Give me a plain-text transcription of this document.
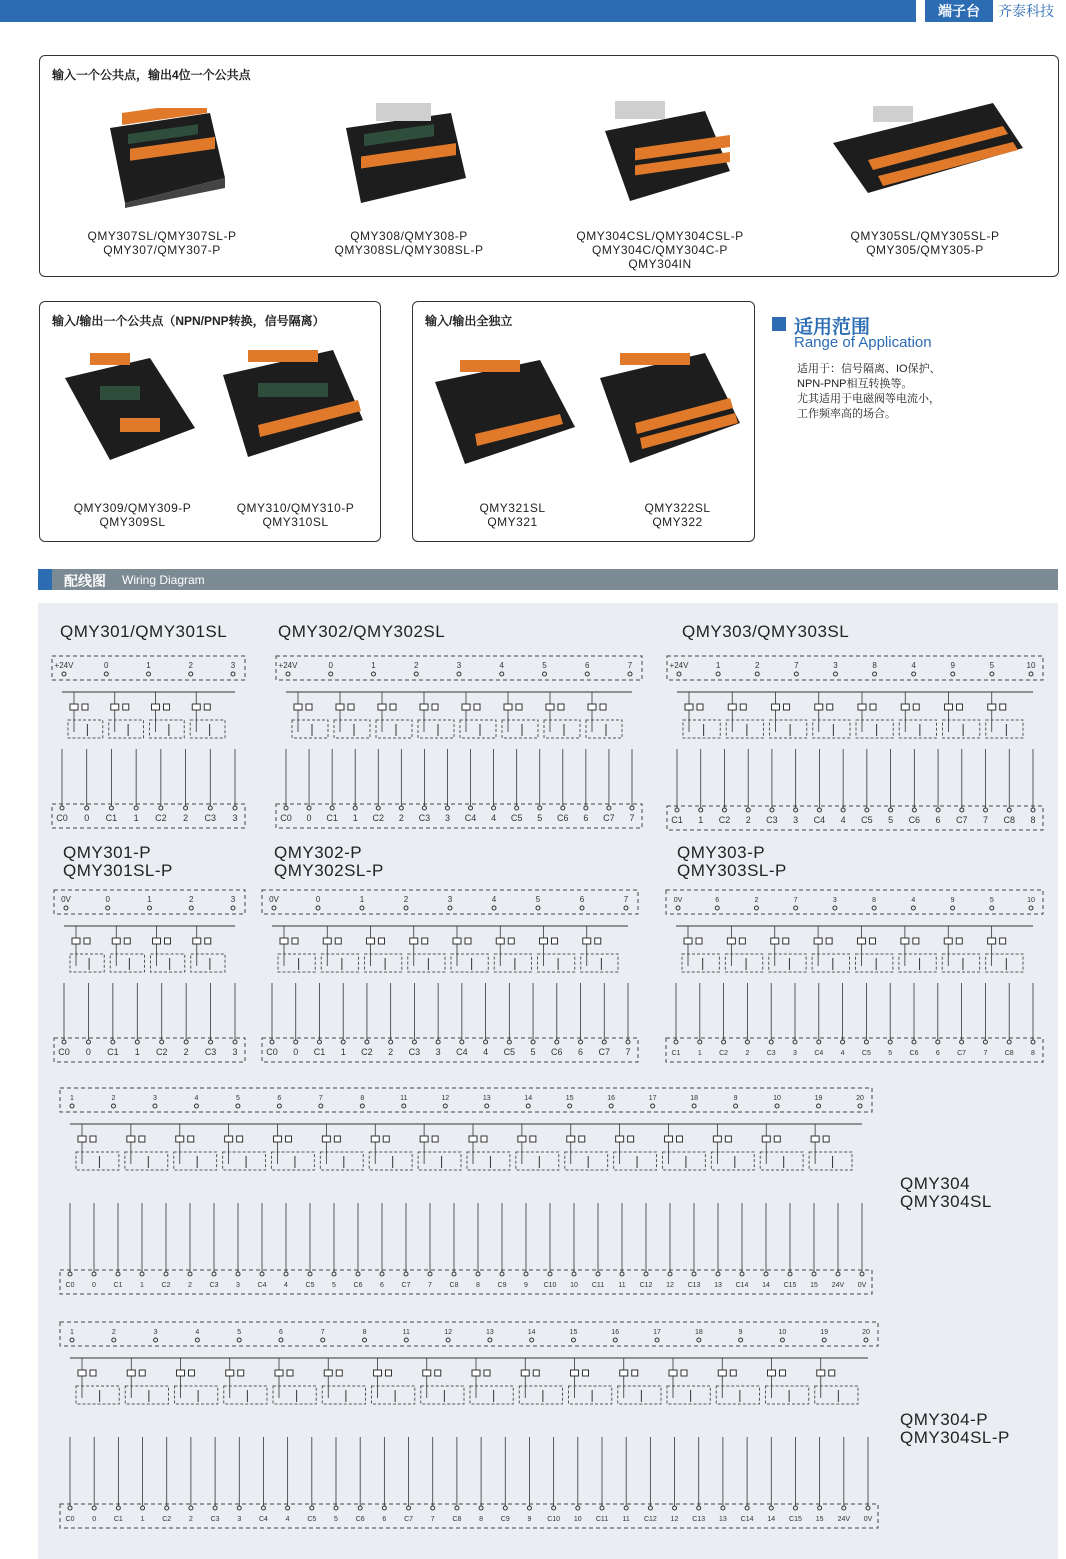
端子台	齐泰科技
输入一个公共点，输出4位一个公共点
QMY307SL/QMY307SL-P
QMY307/QMY307-P
QMY308/QMY308-P
QMY308SL/QMY308SL-P
QMY304CSL/QMY304CSL-P
QMY304C/QMY304C-P
QMY304IN
QMY305SL/QMY305SL-P
QMY305/QMY305-P
输入/输出一个公共点（NPN/PNP转换，信号隔离）
QMY309/QMY309-P
QMY309SL
QMY310/QMY310-P
QMY310SL
输入/输出全独立
QMY321SL
QMY321
QMY322SL
QMY322
适用范围
Range of Application
适用于：信号隔离、IO保护、
NPN-PNP相互转换等。
尤其适用于电磁阀等电流小，
工作频率高的场合。
配线图 Wiring Diagram
QMY301/QMY301SL	QMY302/QMY302SL	QMY303/QMY303SL
QMY301-P
QMY301SL-P
QMY302-P
QMY302SL-P
QMY303-P
QMY303SL-P
QMY304
QMY304SL
QMY304-P
QMY304SL-P
+24V	0	1	2	3
C0 0 C1 1 C2 2 C3 3
+24V	0	1	2	3	4	5	6	7
C0 0 C1 1 C2 2 C3 3 C4 4 C5 5 C6 6 C7 7
+24V	1	2	7	3	8	4	9	5	10
C1 1 C2 2 C3 3 C4 4 C5 5 C6 6 C7 7 C8 8
0V	0	1	2	3
C0 0 C1 1 C2 2 C3 3
0V	0	1	2	3	4	5	6	7
C0 0 C1 1 C2 2 C3 3 C4 4 C5 5 C6 6 C7 7
0V	6	2	7	3	8	4	9	5	10
C1 1 C2 2 C3 3 C4 4 C5 5 C6 6 C7 7 C8 8
1	2	3	4	5	6	7	8	11	12	13	14	15	16	17	18	9	10	19	20
C0	0	C1	1	C2	2	C3	3	C4	4	C5	5	C6	6	C7	7	C8	8	C9	9 C10 10 C11 11 C12 12 C13 13 C14 14 C15 15 24V 0V
1	2	3	4	5	6	7	8	11	12	13	14	15	16	17	18	9	10	19	20
C0	0	C1	1	C2	2	C3	3	C4	4	C5	5	C6	6	C7	7	C8	8	C9	9 C10 10 C11 11 C12 12 C13 13 C14 14 C15 15 24V 0V
